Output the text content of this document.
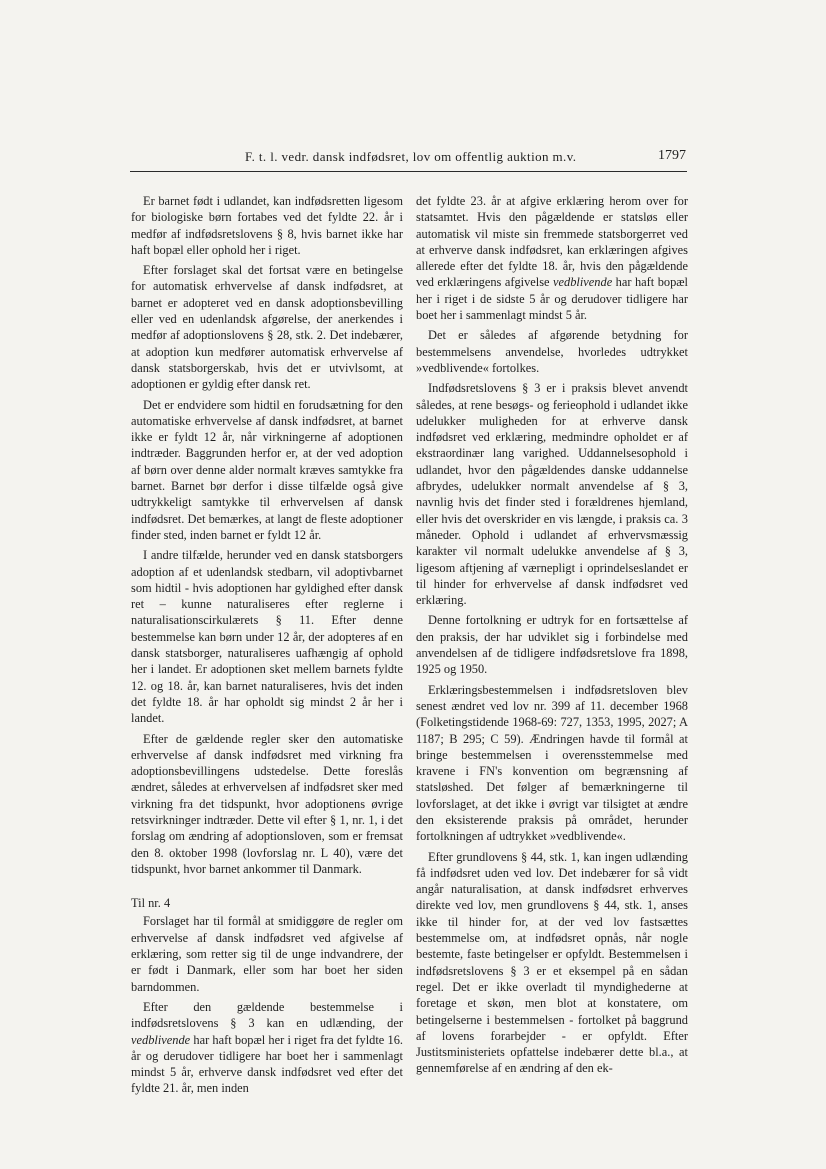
F. t. l. vedr. dansk indfødsret, lov om offentlig auktion m.v.	1797

Er barnet født i udlandet, kan indfødsretten ligesom for biologiske børn fortabes ved det fyldte 22. år i medfør af indfødsretslovens § 8, hvis barnet ikke har haft bopæl eller ophold her i riget.

Efter forslaget skal det fortsat være en betingelse for automatisk erhvervelse af dansk indfødsret, at barnet er adopteret ved en dansk adoptionsbevilling eller ved en udenlandsk afgørelse, der anerkendes i medfør af adoptionslovens § 28, stk. 2. Det indebærer, at adoption kun medfører automatisk erhvervelse af dansk statsborgerskab, hvis det er utvivlsomt, at adoptionen er gyldig efter dansk ret.

Det er endvidere som hidtil en forudsætning for den automatiske erhvervelse af dansk indfødsret, at barnet ikke er fyldt 12 år, når virkningerne af adoptionen indtræder. Baggrunden herfor er, at der ved adoption af børn over denne alder normalt kræves samtykke fra barnet. Barnet bør derfor i disse tilfælde også give udtrykkeligt samtykke til erhvervelsen af dansk indfødsret. Det bemærkes, at langt de fleste adoptioner finder sted, inden barnet er fyldt 12 år.

I andre tilfælde, herunder ved en dansk statsborgers adoption af et udenlandsk stedbarn, vil adoptivbarnet som hidtil - hvis adoptionen har gyldighed efter dansk ret – kunne naturaliseres efter reglerne i naturalisationscirkulærets § 11. Efter denne bestemmelse kan børn under 12 år, der adopteres af en dansk statsborger, naturaliseres uafhængig af ophold her i landet. Er adoptionen sket mellem barnets fyldte 12. og 18. år, kan barnet naturaliseres, hvis det inden det fyldte 18. år har opholdt sig mindst 2 år her i landet.

Efter de gældende regler sker den automatiske erhvervelse af dansk indfødsret med virkning fra adoptionsbevillingens udstedelse. Dette foreslås ændret, således at erhvervelsen af indfødsret sker med virkning fra det tidspunkt, hvor adoptionens øvrige retsvirkninger indtræder. Dette vil efter § 1, nr. 1, i det forslag om ændring af adoptionsloven, som er fremsat den 8. oktober 1998 (lovforslag nr. L 40), være det tidspunkt, hvor barnet ankommer til Danmark.

Til nr. 4

Forslaget har til formål at smidiggøre de regler om erhvervelse af dansk indfødsret ved afgivelse af erklæring, som retter sig til de unge indvandrere, der er født i Danmark, eller som har boet her siden barndommen.

Efter den gældende bestemmelse i indfødsretslovens § 3 kan en udlænding, der vedblivende har haft bopæl her i riget fra det fyldte 16. år og derudover tidligere har boet her i sammenlagt mindst 5 år, erhverve dansk indfødsret ved efter det fyldte 21. år, men inden

det fyldte 23. år at afgive erklæring herom over for statsamtet. Hvis den pågældende er statsløs eller automatisk vil miste sin fremmede statsborgerret ved at erhverve dansk indfødsret, kan erklæringen afgives allerede efter det fyldte 18. år, hvis den pågældende ved erklæringens afgivelse vedblivende har haft bopæl her i riget i de sidste 5 år og derudover tidligere har boet her i sammenlagt mindst 5 år.

Det er således af afgørende betydning for bestemmelsens anvendelse, hvorledes udtrykket »vedblivende« fortolkes.

Indfødsretslovens § 3 er i praksis blevet anvendt således, at rene besøgs- og ferieophold i udlandet ikke udelukker muligheden for at erhverve dansk indfødsret ved erklæring, medmindre opholdet er af ekstraordinær lang varighed. Uddannelsesophold i udlandet, hvor den pågældendes danske uddannelse afbrydes, udelukker normalt anvendelse af § 3, navnlig hvis det finder sted i forældrenes hjemland, eller hvis det overskrider en vis længde, i praksis ca. 3 måneder. Ophold i udlandet af erhvervsmæssig karakter vil normalt udelukke anvendelse af § 3, ligesom aftjening af værnepligt i oprindelseslandet er til hinder for erhvervelse af dansk indfødsret ved erklæring.

Denne fortolkning er udtryk for en fortsættelse af den praksis, der har udviklet sig i forbindelse med anvendelsen af de tidligere indfødsretslove fra 1898, 1925 og 1950.

Erklæringsbestemmelsen i indfødsretsloven blev senest ændret ved lov nr. 399 af 11. december 1968 (Folketingstidende 1968-69: 727, 1353, 1995, 2027; A 1187; B 295; C 59). Ændringen havde til formål at bringe bestemmelsen i overensstemmelse med kravene i FN's konvention om begrænsning af statsløshed. Det følger af bemærkningerne til lovforslaget, at det ikke i øvrigt var tilsigtet at ændre den eksisterende praksis på området, herunder fortolkningen af udtrykket »vedblivende«.

Efter grundlovens § 44, stk. 1, kan ingen udlænding få indfødsret uden ved lov. Det indebærer for så vidt angår naturalisation, at dansk indfødsret erhverves direkte ved lov, men grundlovens § 44, stk. 1, anses ikke til hinder for, at der ved lov fastsættes bestemmelse om, at indfødsret opnås, når nogle bestemte, faste betingelser er opfyldt. Bestemmelsen i indfødsretslovens § 3 er et eksempel på en sådan regel. Det er ikke overladt til myndighederne at foretage et skøn, men blot at konstatere, om betingelserne i bestemmelsen - fortolket på baggrund af lovens forarbejder - er opfyldt. Efter Justitsministeriets opfattelse indebærer dette bl.a., at gennemførelse af en ændring af den ek-
